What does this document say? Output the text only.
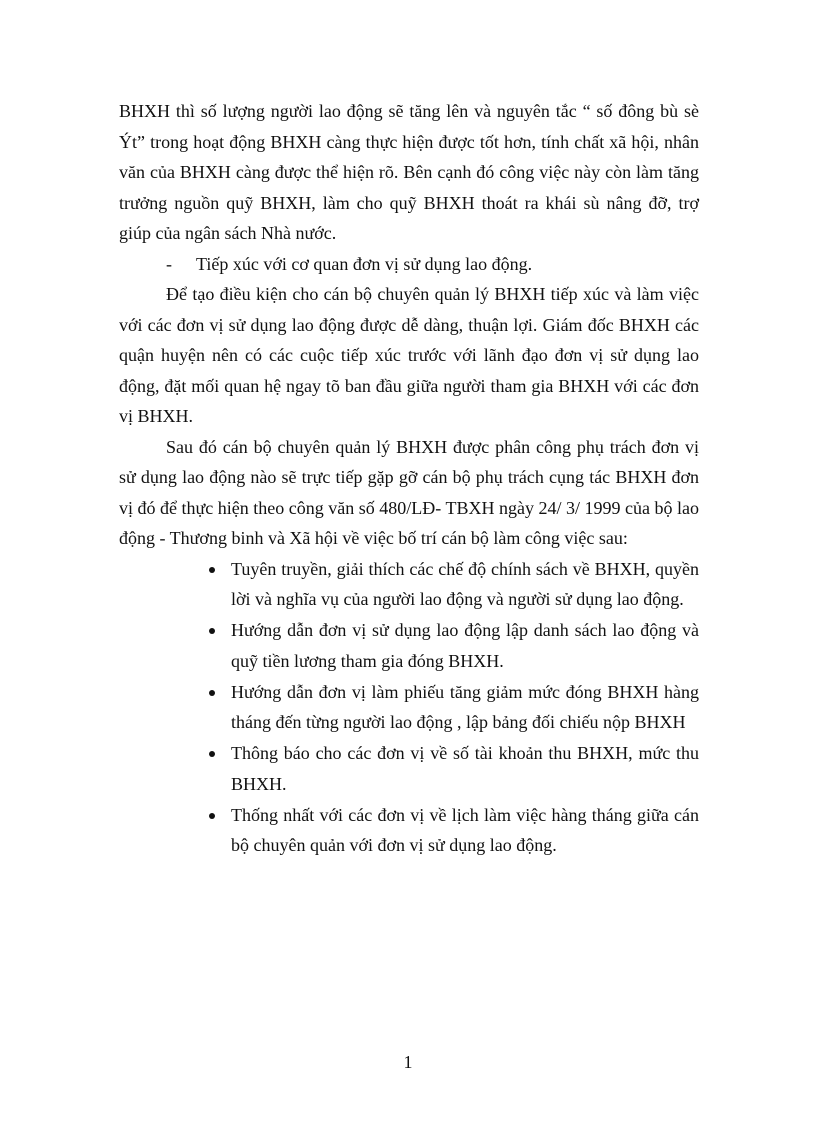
BHXH thì số lượng người lao động sẽ tăng lên và nguyên tắc “ số đông bù sè Ýt” trong hoạt động BHXH càng thực hiện được tốt hơn, tính chất xã hội, nhân văn của BHXH càng được thể hiện rõ. Bên cạnh đó công việc này còn làm tăng trưởng nguồn quỹ BHXH, làm cho quỹ BHXH thoát ra khái sù nâng đỡ, trợ giúp của ngân sách Nhà nước.

-	Tiếp xúc với cơ quan đơn vị sử dụng lao động.

Để tạo điều kiện cho cán bộ chuyên quản lý BHXH tiếp xúc và làm việc với các đơn vị sử dụng lao động được dễ dàng, thuận lợi. Giám đốc BHXH các quận huyện nên có các cuộc tiếp xúc trước với lãnh đạo đơn vị sử dụng lao động, đặt mối quan hệ ngay tõ ban đầu giữa người tham gia BHXH với các đơn vị BHXH.

Sau đó cán bộ chuyên quản lý BHXH được phân công phụ trách đơn vị sử dụng lao động nào sẽ trực tiếp gặp gỡ cán bộ phụ trách cụng tác BHXH đơn vị đó để thực hiện theo công văn số 480/LĐ- TBXH ngày 24/ 3/ 1999 của bộ lao động - Thương binh và Xã hội về việc bố trí cán bộ làm công việc sau:

Tuyên truyền, giải thích các chế độ chính sách về BHXH, quyền lời và nghĩa vụ của người lao động và người sử dụng lao động.
Hướng dẫn đơn vị sử dụng lao động lập danh sách lao động và quỹ tiền lương tham gia đóng BHXH.
Hướng dẫn đơn vị làm phiếu tăng giảm mức đóng BHXH hàng tháng đến từng người lao động , lập bảng đối chiếu nộp BHXH
Thông báo cho các đơn vị về số tài khoản thu BHXH, mức thu BHXH.
Thống nhất với các đơn vị về lịch làm việc hàng tháng giữa cán bộ chuyên quản với đơn vị sử dụng lao động.
1
